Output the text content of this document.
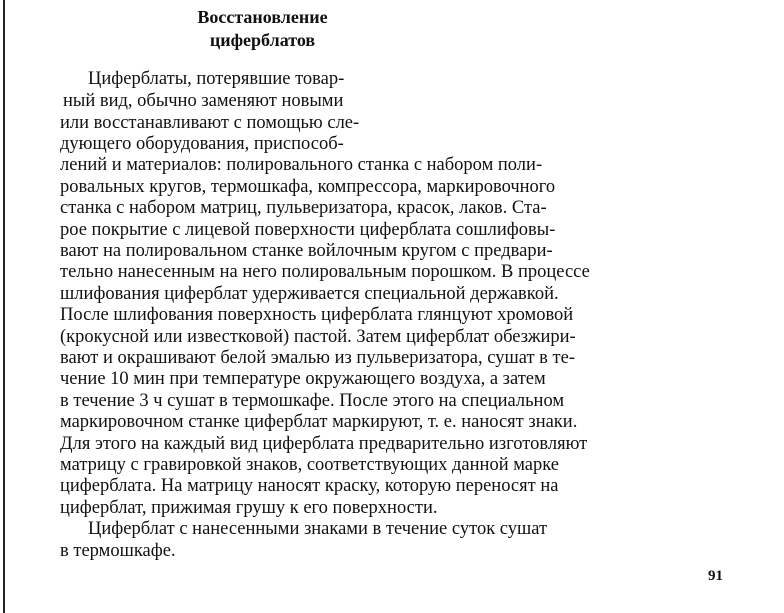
Восстановление
циферблатов
Циферблаты, потерявшие товар-
ный вид, обычно заменяют новыми
или восстанавливают с помощью сле-
дующего оборудования, приспособ-
лений и материалов: полировального станка с набором поли-
ровальных кругов, термошкафа, компрессора, маркировочного
станка с набором матриц, пульверизатора, красок, лаков. Ста-
рое покрытие с лицевой поверхности циферблата сошлифовы-
вают на полировальном станке войлочным кругом с предвари-
тельно нанесенным на него полировальным порошком. В процессе
шлифования циферблат удерживается специальной державкой.
После шлифования поверхность циферблата глянцуют хромовой
(крокусной или известковой) пастой. Затем циферблат обезжири-
вают и окрашивают белой эмалью из пульверизатора, сушат в те-
чение 10 мин при температуре окружающего воздуха, а затем
в течение 3 ч сушат в термошкафе. После этого на специальном
маркировочном станке циферблат маркируют, т. е. наносят знаки.
Для этого на каждый вид циферблата предварительно изготовляют
матрицу с гравировкой знаков, соответствующих данной марке
циферблата. На матрицу наносят краску, которую переносят на
циферблат, прижимая грушу к его поверхности.
Циферблат с нанесенными знаками в течение суток сушат
в термошкафе.
91
